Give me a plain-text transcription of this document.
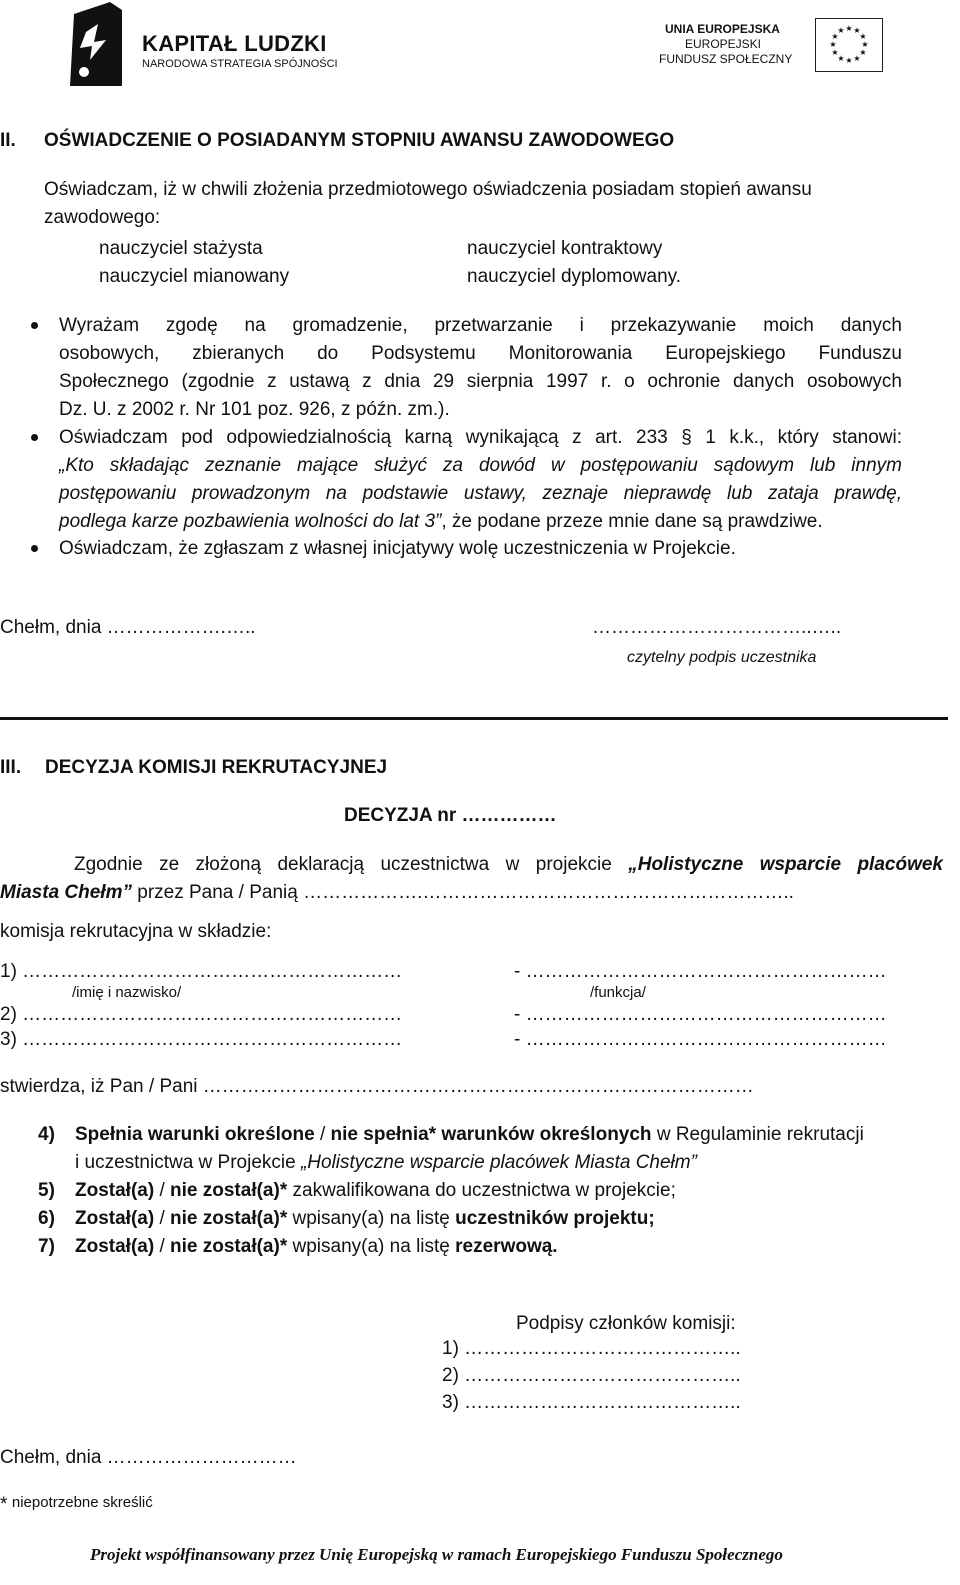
KAPITAŁ LUDZKI
NARODOWA STRATEGIA SPÓJNOŚCI
UNIA EUROPEJSKA
EUROPEJSKI
FUNDUSZ SPOŁECZNY
★ ★
★
★
★
★
★
★
★
★
★
★
II. OŚWIADCZENIE O POSIADANYM STOPNIU AWANSU ZAWODOWEGO
Oświadczam, iż w chwili złożenia przedmiotowego oświadczenia posiadam stopień awansu
zawodowego:
nauczyciel stażysta	nauczyciel kontraktowy
nauczyciel mianowany	nauczyciel dyplomowany.
Wyrażam zgodę na gromadzenie, przetwarzanie i przekazywanie moich danych
osobowych, zbieranych do Podsystemu Monitorowania Europejskiego Funduszu
Społecznego (zgodnie z ustawą z dnia 29 sierpnia 1997 r. o ochronie danych osobowych
Dz. U. z 2002 r. Nr 101 poz. 926, z późn. zm.).
Oświadczam pod odpowiedzialnością karną wynikającą z art. 233 § 1 k.k., który stanowi:
„Kto składając zeznanie mające służyć za dowód w postępowaniu sądowym lub innym
postępowaniu prowadzonym na podstawie ustawy, zeznaje nieprawdę lub zataja prawdę,
podlega karze pozbawienia wolności do lat 3”, że podane przeze mnie dane są prawdziwe.
Oświadczam, że zgłaszam z własnej inicjatywy wolę uczestniczenia w Projekcie.
Chełm, dnia ……………….…..	……………………………..…..
czytelny podpis uczestnika
III. DECYZJA KOMISJI REKRUTACYJNEJ
DECYZJA nr ……………
Zgodnie ze złożoną deklaracją uczestnictwa w projekcie „Holistyczne wsparcie placówek
Miasta Chełm” przez Pana / Panią ……………….…………………………………………………..
komisja rekrutacyjna w składzie:
1) ……………………………………………………	- …………………………………………………
/imię i nazwisko/	/funkcja/
2) ……………………………………………………	- …………………………………………………
3) ……………………………………………………	- …………………………………………………
stwierdza, iż Pan / Pani ……………………………………………………………………………
4) Spełnia warunki określone / nie spełnia* warunków określonych w Regulaminie rekrutacji
i uczestnictwa w Projekcie „Holistyczne wsparcie placówek Miasta Chełm”
5) Został(a) / nie został(a)* zakwalifikowana do uczestnictwa w projekcie;
6) Został(a) / nie został(a)* wpisany(a) na listę uczestników projektu;
7) Został(a) / nie został(a)* wpisany(a) na listę rezerwową.
Podpisy członków komisji:
1) ……………………………………..
2) ……………………………………..
3) ……………………………………..
Chełm, dnia …………………………
* niepotrzebne skreślić
Projekt współfinansowany przez Unię Europejską w ramach Europejskiego Funduszu Społecznego
